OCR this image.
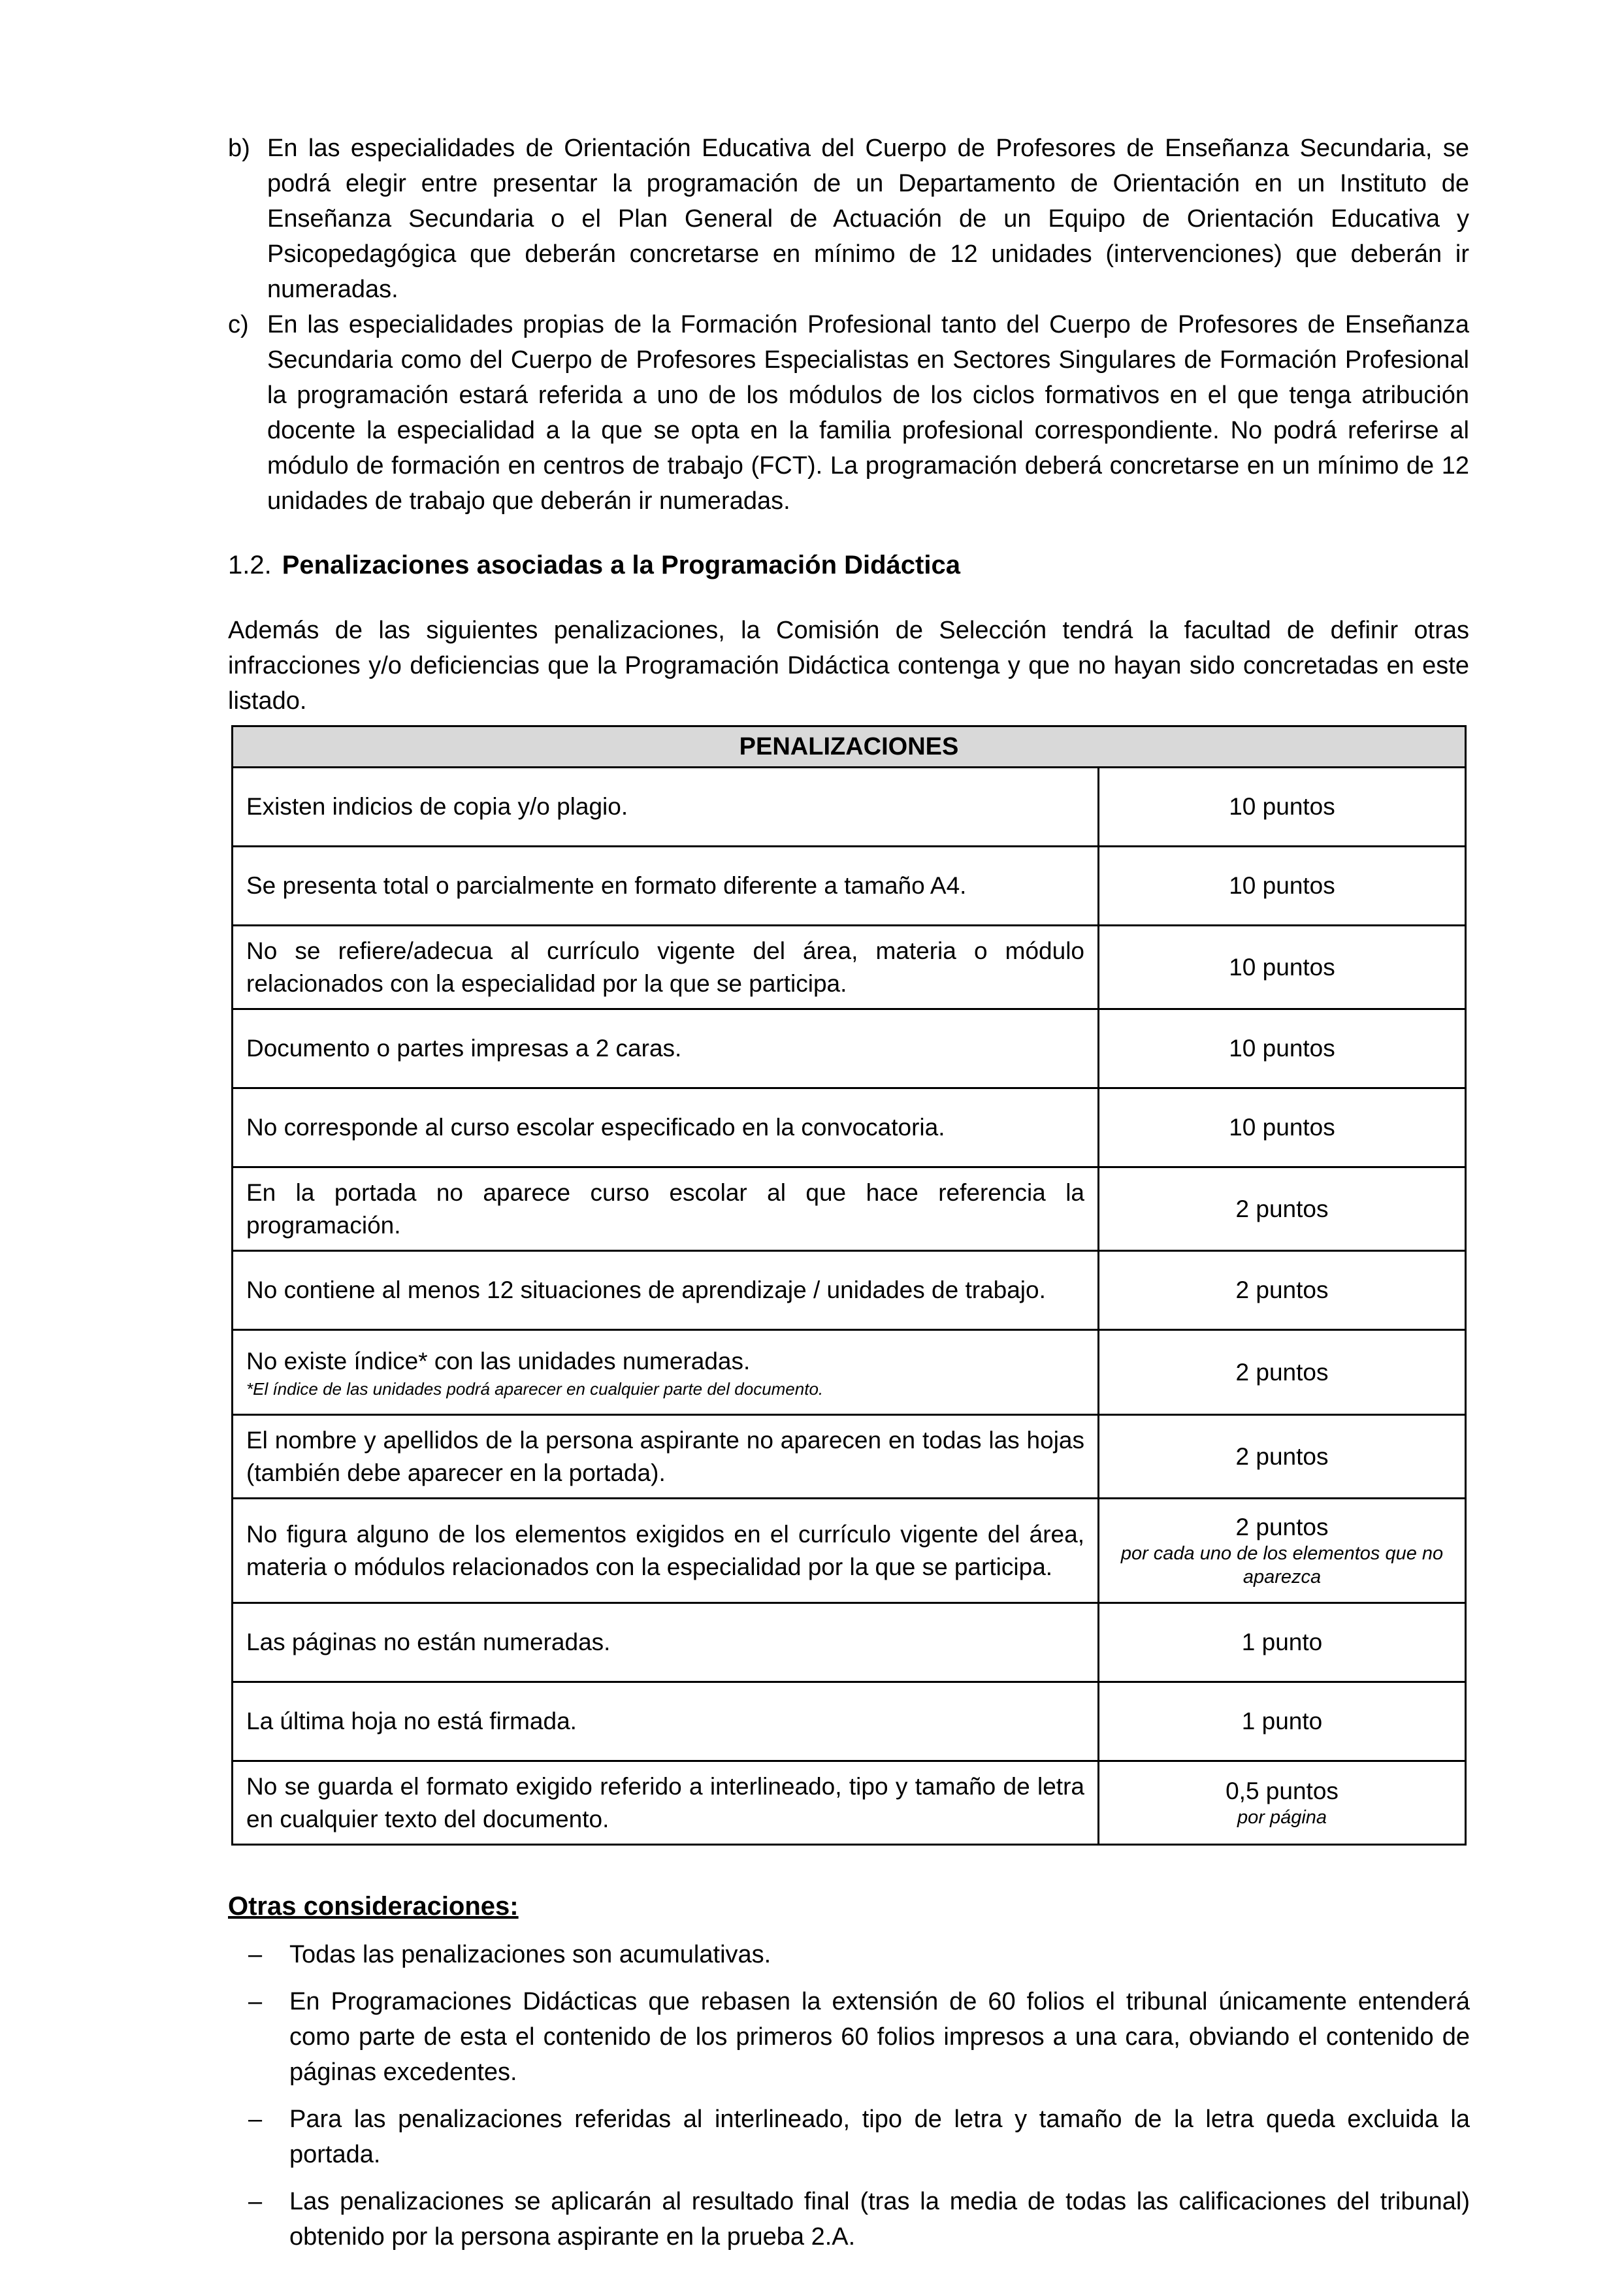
b) En las especialidades de Orientación Educativa del Cuerpo de Profesores de Enseñanza Secundaria, se podrá elegir entre presentar la programación de un Departamento de Orientación en un Instituto de Enseñanza Secundaria o el Plan General de Actuación de un Equipo de Orientación Educativa y Psicopedagógica que deberán concretarse en mínimo de 12 unidades (intervenciones) que deberán ir numeradas.
c) En las especialidades propias de la Formación Profesional tanto del Cuerpo de Profesores de Enseñanza Secundaria como del Cuerpo de Profesores Especialistas en Sectores Singulares de Formación Profesional la programación estará referida a uno de los módulos de los ciclos formativos en el que tenga atribución docente la especialidad a la que se opta en la familia profesional correspondiente. No podrá referirse al módulo de formación en centros de trabajo (FCT). La programación deberá concretarse en un mínimo de 12 unidades de trabajo que deberán ir numeradas.
1.2. Penalizaciones asociadas a la Programación Didáctica
Además de las siguientes penalizaciones, la Comisión de Selección tendrá la facultad de definir otras infracciones y/o deficiencias que la Programación Didáctica contenga y que no hayan sido concretadas en este listado.
PENALIZACIONES	
Existen indicios de copia y/o plagio.	10 puntos
Se presenta total o parcialmente en formato diferente a tamaño A4.	10 puntos
No se refiere/adecua al currículo vigente del área, materia o módulo relacionados con la especialidad por la que se participa.	10 puntos
Documento o partes impresas a 2 caras.	10 puntos
No corresponde al curso escolar especificado en la convocatoria.	10 puntos
En la portada no aparece curso escolar al que hace referencia la programación.	2 puntos
No contiene al menos 12 situaciones de aprendizaje / unidades de trabajo.	2 puntos
No existe índice* con las unidades numeradas.
*El índice de las unidades podrá aparecer en cualquier parte del documento.	2 puntos
El nombre y apellidos de la persona aspirante no aparecen en todas las hojas (también debe aparecer en la portada).	2 puntos
No figura alguno de los elementos exigidos en el currículo vigente del área, materia o módulos relacionados con la especialidad por la que se participa.	2 puntos
por cada uno de los elementos que no aparezca

Las páginas no están numeradas.	1 punto
La última hoja no está firmada.	1 punto
No se guarda el formato exigido referido a interlineado, tipo y tamaño de letra en cualquier texto del documento.	0,5 puntos
por página
Otras consideraciones:
– Todas las penalizaciones son acumulativas.
– En Programaciones Didácticas que rebasen la extensión de 60 folios el tribunal únicamente entenderá como parte de esta el contenido de los primeros 60 folios impresos a una cara, obviando el contenido de páginas excedentes.
– Para las penalizaciones referidas al interlineado, tipo de letra y tamaño de la letra queda excluida la portada.
– Las penalizaciones se aplicarán al resultado final (tras la media de todas las calificaciones del tribunal) obtenido por la persona aspirante en la prueba 2.A.
